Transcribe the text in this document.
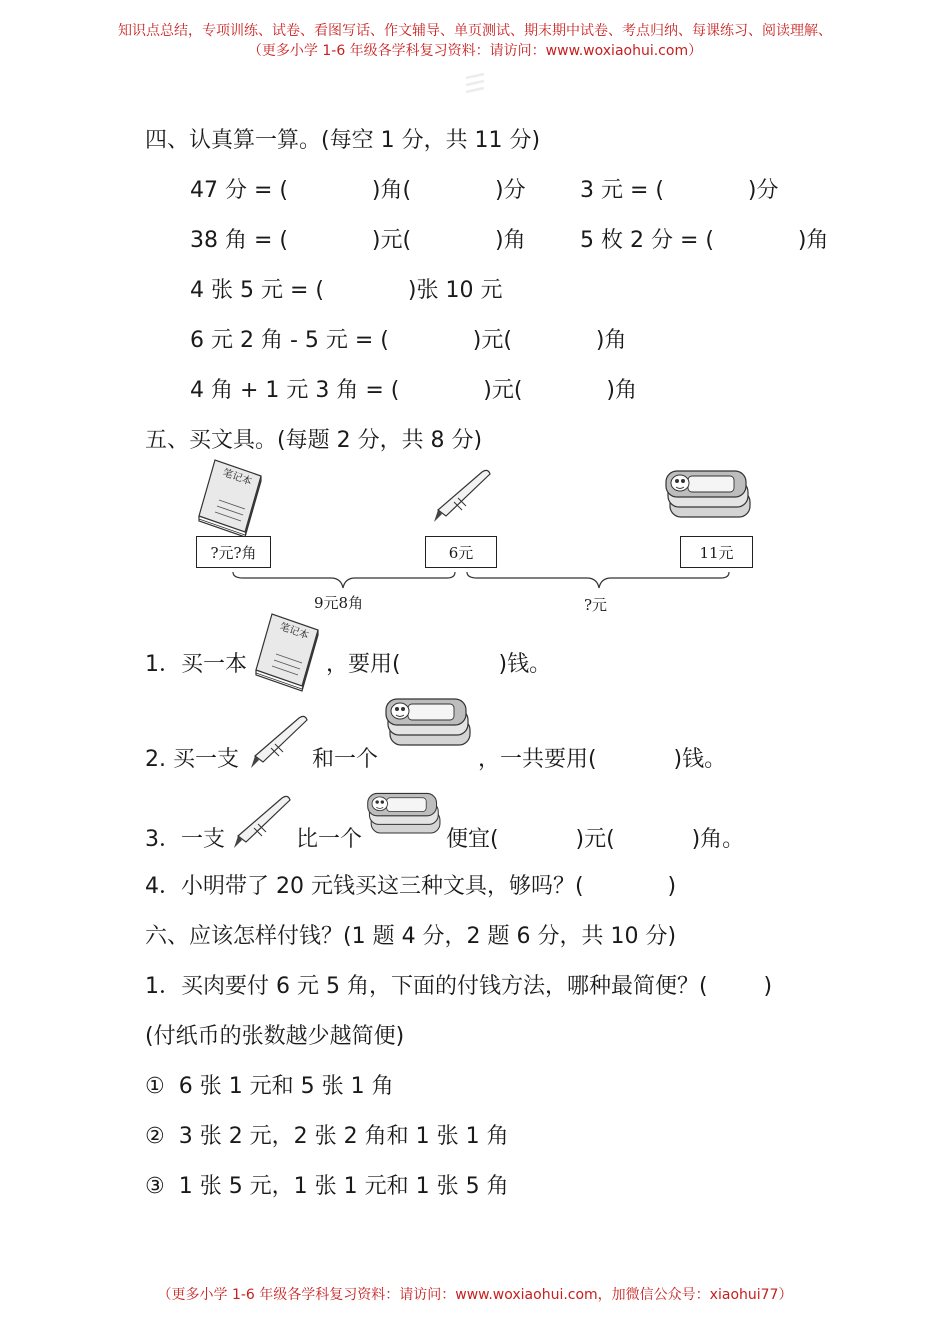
知识点总结，专项训练、试卷、看图写话、作文辅导、单页测试、期末期中试卷、考点归纳、每课练习、阅读理解、
（更多小学 1-6 年级各学科复习资料：请访问：www.woxiaohui.com）
四、认真算一算。(每空 1 分，共 11 分)
47 分 = (            )角(            )分 3 元 = (            )分
38 角 = (            )元(            )角 5 枚 2 分 = (            )角
4 张 5 元 = (            )张 10 元
6 元 2 角 - 5 元 = (            )元(            )角
4 角 + 1 元 3 角 = (            )元(            )角
五、买文具。(每题 2 分，共 8 分)
笔记本
?元?角	6元	11元
9元8角	?元
1．买一本
笔记本
，要用(              )钱。
2. 买一支	和一个	，一共要用(           )钱。
3．一支	比一个	便宜(           )元(           )角。
4．小明带了 20 元钱买这三种文具，够吗？(            )
六、应该怎样付钱？(1 题 4 分，2 题 6 分，共 10 分)
1．买肉要付 6 元 5 角，下面的付钱方法，哪种最简便？(        )
(付纸币的张数越少越简便)
①  6 张 1 元和 5 张 1 角
②  3 张 2 元，2 张 2 角和 1 张 1 角
③  1 张 5 元，1 张 1 元和 1 张 5 角
（更多小学 1-6 年级各学科复习资料：请访问：www.woxiaohui.com，加微信公众号：xiaohui77）
